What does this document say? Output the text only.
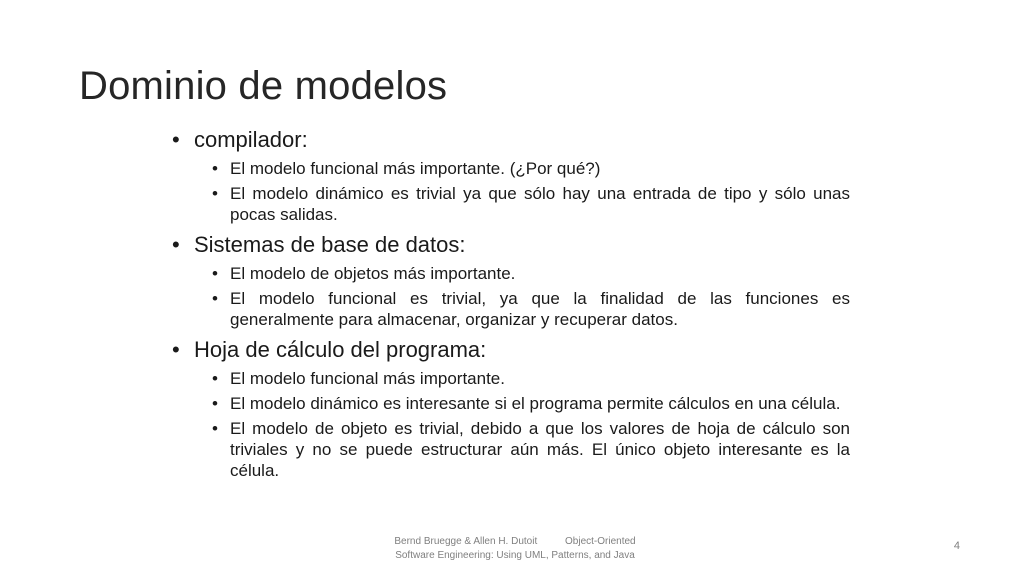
Dominio de modelos
• compilador:
• El modelo funcional más importante. (¿Por qué?)
• El modelo dinámico es trivial ya que sólo hay una entrada de tipo y sólo unas pocas salidas.
• Sistemas de base de datos:
• El modelo de objetos más importante.
• El modelo funcional es trivial, ya que la finalidad de las funciones es generalmente para almacenar, organizar y recuperar datos.
• Hoja de cálculo del programa:
• El modelo funcional más importante.
• El modelo dinámico es interesante si el programa permite cálculos en una célula.
• El modelo de objeto es trivial, debido a que los valores de hoja de cálculo son triviales y no se puede estructurar aún más. El único objeto interesante es la célula.
Bernd Bruegge & Allen H. Dutoit          Object-Oriented
Software Engineering: Using UML, Patterns, and Java
4
